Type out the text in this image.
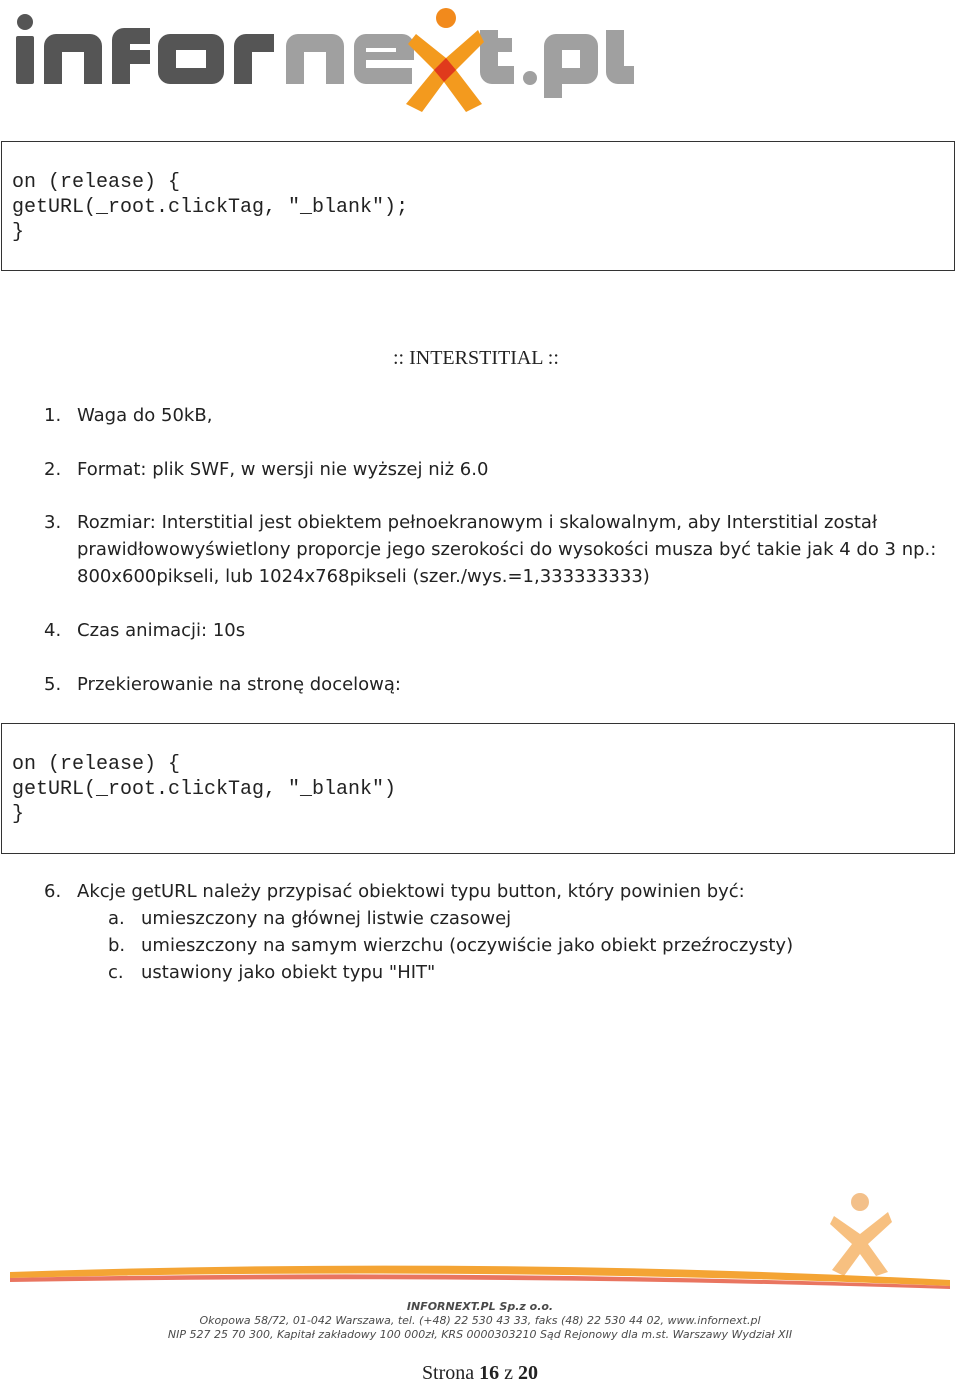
on (release) {
getURL(_root.clickTag, "_blank");
}
:: INTERSTITIAL ::
1. Waga do 50kB,
2. Format: plik SWF, w wersji nie wyższej niż 6.0
3. Rozmiar: Interstitial jest obiektem pełnoekranowym i skalowalnym, aby Interstitial został
prawidłowowyświetlony proporcje jego szerokości do wysokości musza być takie jak 4 do 3 np.:
800x600pikseli, lub 1024x768pikseli (szer./wys.=1,333333333)
4. Czas animacji: 10s
5. Przekierowanie na stronę docelową:
on (release) {
getURL(_root.clickTag, "_blank")
}
6. Akcje getURL należy przypisać obiektowi typu button, który powinien być:
a. umieszczony na głównej listwie czasowej
b. umieszczony na samym wierzchu (oczywiście jako obiekt przeźroczysty)
c. ustawiony jako obiekt typu "HIT"
INFORNEXT.PL Sp.z o.o.
Okopowa 58/72, 01-042 Warszawa, tel. (+48) 22 530 43 33, faks (48) 22 530 44 02, www.infornext.pl
NIP 527 25 70 300, Kapitał zakładowy 100 000zł, KRS 0000303210 Sąd Rejonowy dla m.st. Warszawy Wydział XII
Strona 16 z 20
